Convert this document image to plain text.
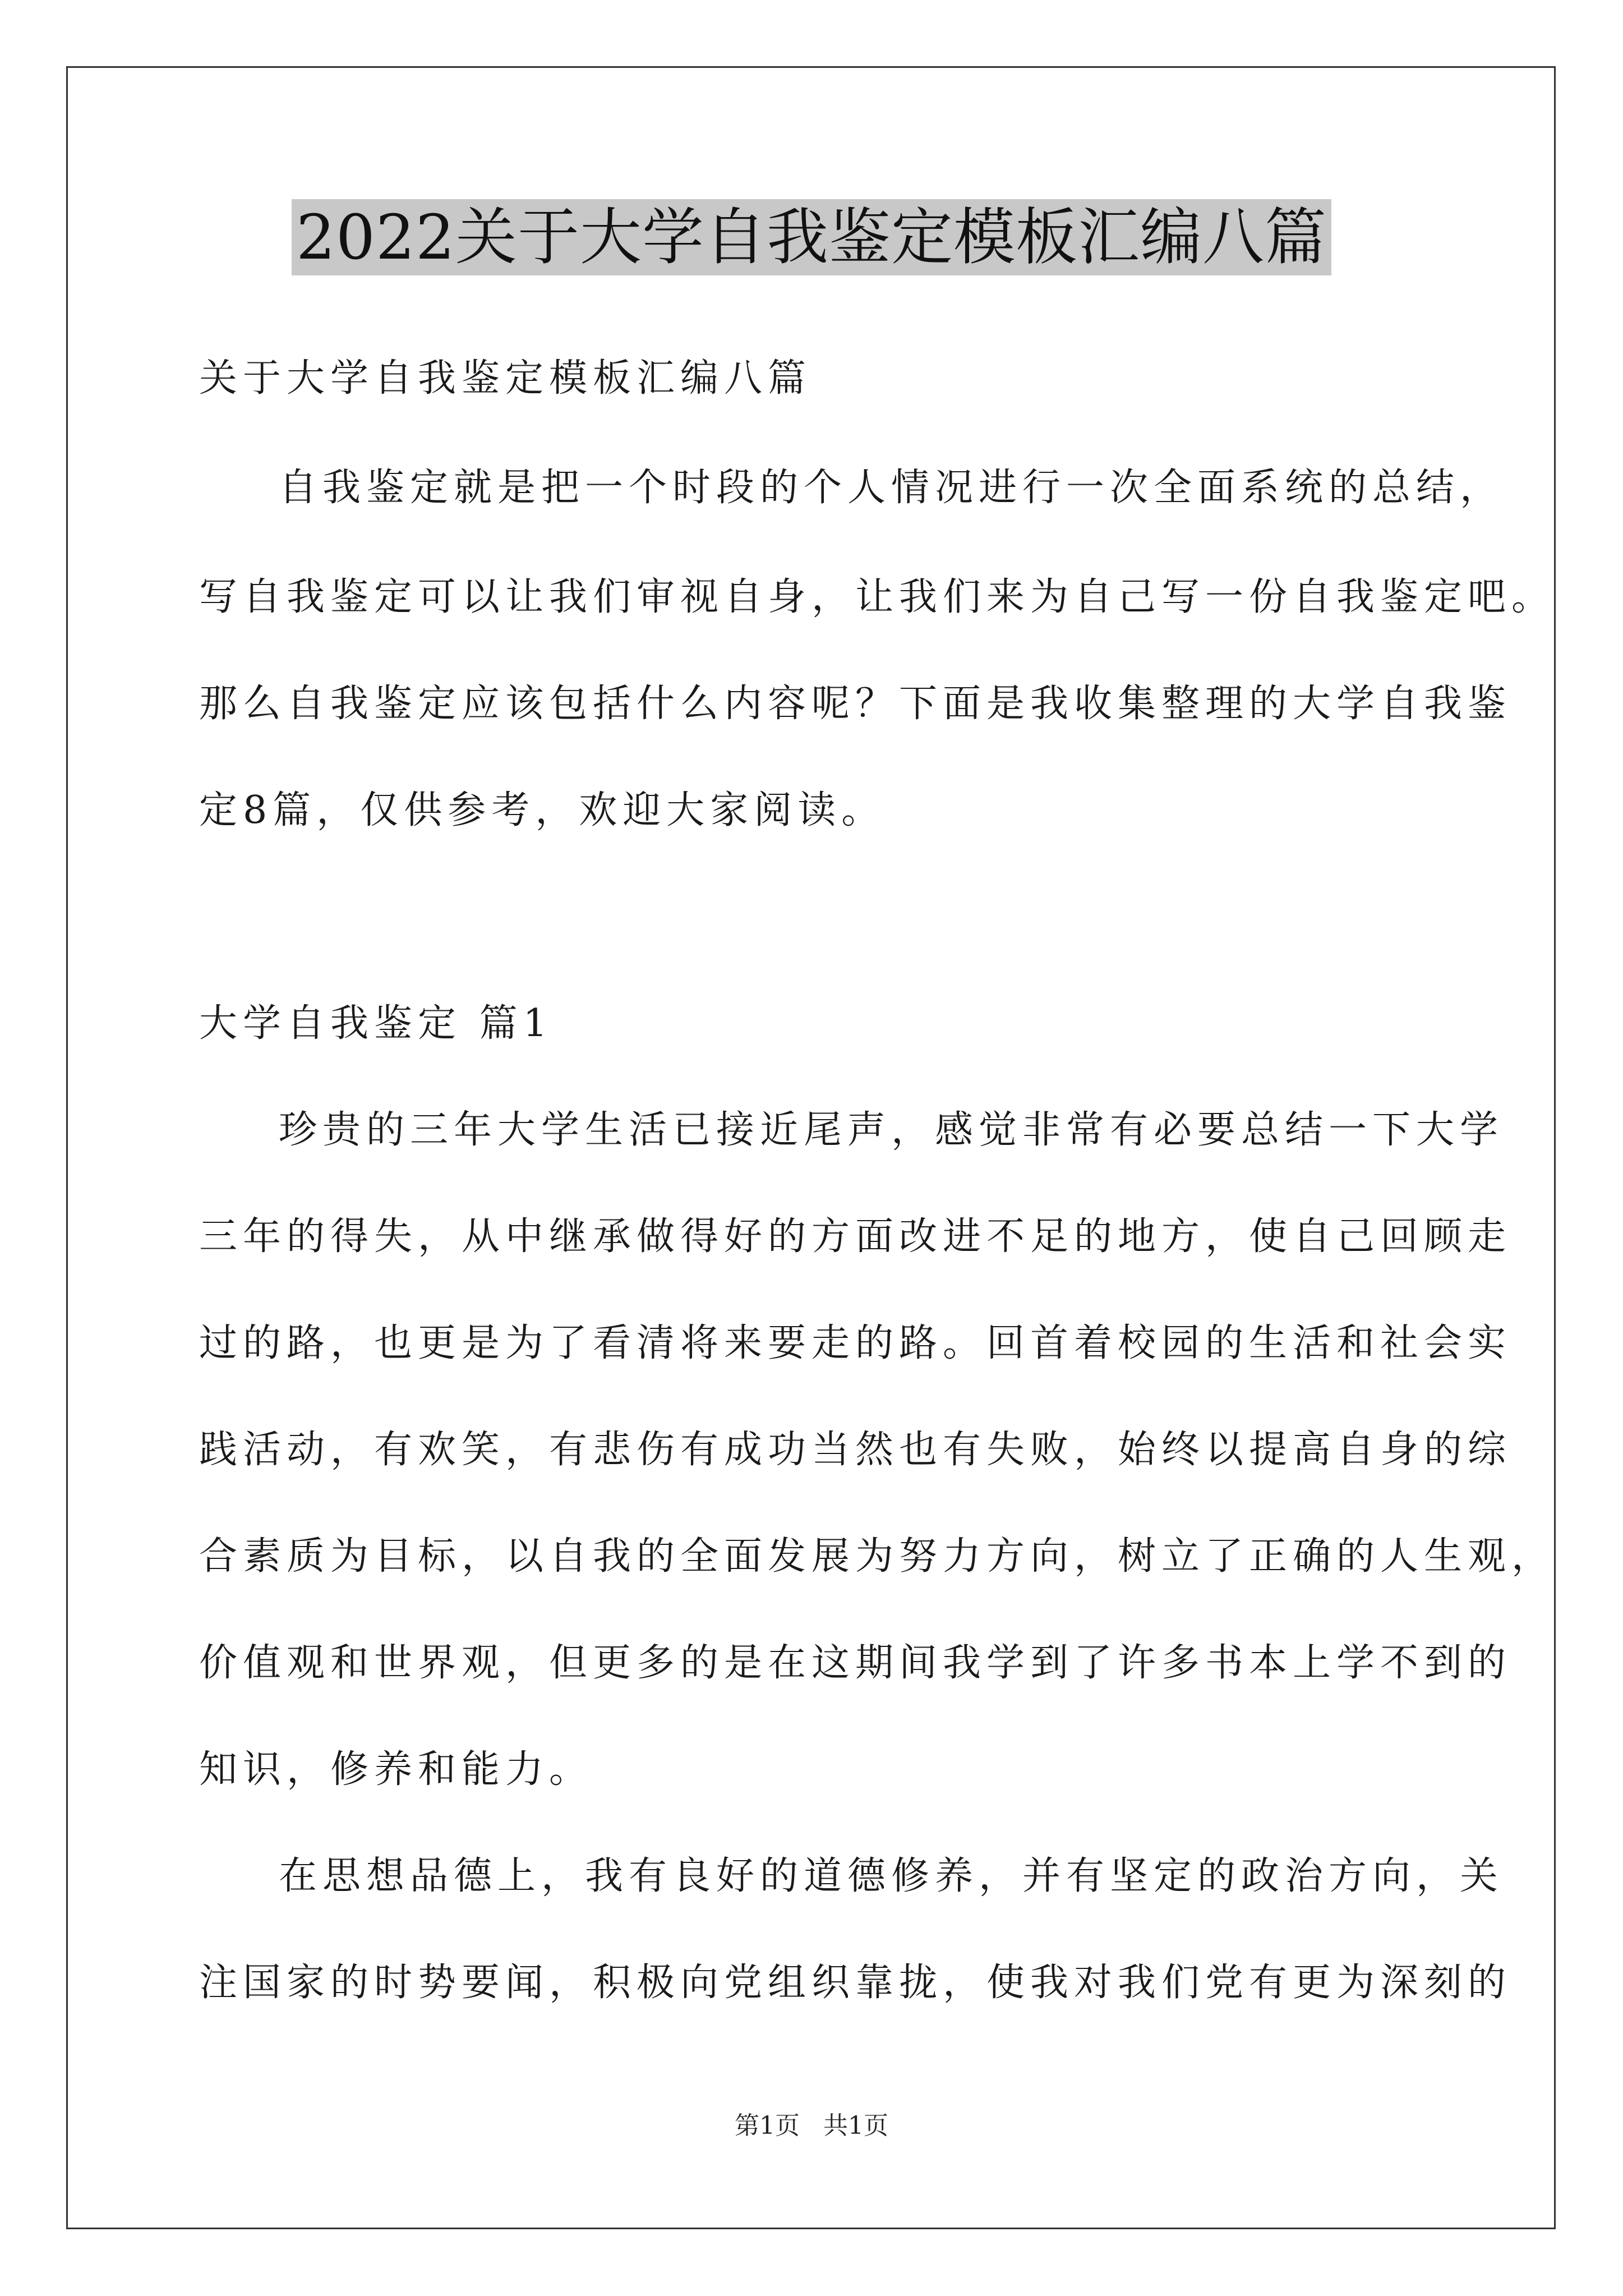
2022关于大学自我鉴定模板汇编八篇
关于大学自我鉴定模板汇编八篇
自我鉴定就是把一个时段的个人情况进行一次全面系统的总结，
写自我鉴定可以让我们审视自身，让我们来为自己写一份自我鉴定吧。
那么自我鉴定应该包括什么内容呢？下面是我收集整理的大学自我鉴
定8篇，仅供参考，欢迎大家阅读。
大学自我鉴定 篇1
珍贵的三年大学生活已接近尾声，感觉非常有必要总结一下大学
三年的得失，从中继承做得好的方面改进不足的地方，使自己回顾走
过的路，也更是为了看清将来要走的路。回首着校园的生活和社会实
践活动，有欢笑，有悲伤有成功当然也有失败，始终以提高自身的综
合素质为目标，以自我的全面发展为努力方向，树立了正确的人生观，
价值观和世界观，但更多的是在这期间我学到了许多书本上学不到的
知识，修养和能力。
在思想品德上，我有良好的道德修养，并有坚定的政治方向，关
注国家的时势要闻，积极向党组织靠拢，使我对我们党有更为深刻的
第1页 共1页
